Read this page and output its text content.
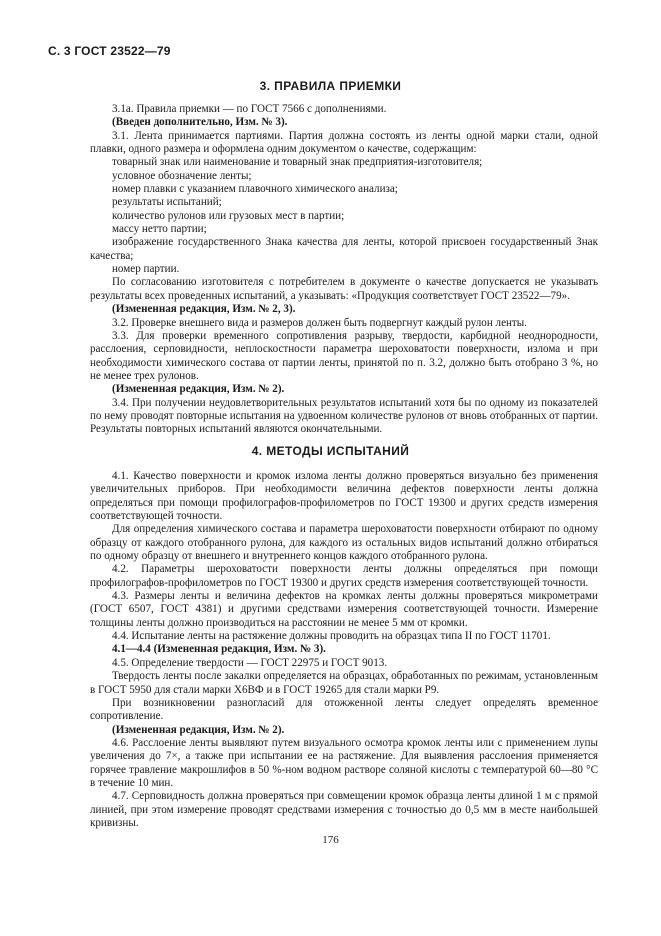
С. 3 ГОСТ 23522—79
3. ПРАВИЛА ПРИЕМКИ

3.1а. Правила приемки — по ГОСТ 7566 с дополнениями.

(Введен дополнительно, Изм. № 3).

3.1. Лента принимается партиями. Партия должна состоять из ленты одной марки стали, одной плавки, одного размера и оформлена одним документом о качестве, содержащим:

товарный знак или наименование и товарный знак предприятия-изготовителя;

условное обозначение ленты;

номер плавки с указанием плавочного химического анализа;

результаты испытаний;

количество рулонов или грузовых мест в партии;

массу нетто партии;

изображение государственного Знака качества для ленты, которой присвоен государственный Знак качества;

номер партии.

По согласованию изготовителя с потребителем в документе о качестве допускается не указывать результаты всех проведенных испытаний, а указывать: «Продукция соответствует ГОСТ 23522—79».

(Измененная редакция, Изм. № 2, 3).

3.2. Проверке внешнего вида и размеров должен быть подвергнут каждый рулон ленты.

3.3. Для проверки временного сопротивления разрыву, твердости, карбидной неоднородности, расслоения, серповидности, неплоскостности параметра шероховатости поверхности, излома и при необходимости химического состава от партии ленты, принятой по п. 3.2, должно быть отобрано 3 %, но не менее трех рулонов.

(Измененная редакция, Изм. № 2).

3.4. При получении неудовлетворительных результатов испытаний хотя бы по одному из показателей по нему проводят повторные испытания на удвоенном количестве рулонов от вновь отобранных от партии. Результаты повторных испытаний являются окончательными.

4. МЕТОДЫ ИСПЫТАНИЙ

4.1. Качество поверхности и кромок излома ленты должно проверяться визуально без применения увеличительных приборов. При необходимости величина дефектов поверхности ленты должна определяться при помощи профилографов-профилометров по ГОСТ 19300 и других средств измерения соответствующей точности.

Для определения химического состава и параметра шероховатости поверхности отбирают по одному образцу от каждого отобранного рулона, для каждого из остальных видов испытаний должно отбираться по одному образцу от внешнего и внутреннего концов каждого отобранного рулона.

4.2. Параметры шероховатости поверхности ленты должны определяться при помощи профилографов-профилометров по ГОСТ 19300 и других средств измерения соответствующей точности.

4.3. Размеры ленты и величина дефектов на кромках ленты должны проверяться микрометрами (ГОСТ 6507, ГОСТ 4381) и другими средствами измерения соответствующей точности. Измерение толщины ленты должно производиться на расстоянии не менее 5 мм от кромки.

4.4. Испытание ленты на растяжение должны проводить на образцах типа II по ГОСТ 11701.

4.1—4.4 (Измененная редакция, Изм. № 3).

4.5. Определение твердости — ГОСТ 22975 и ГОСТ 9013.

Твердость ленты после закалки определяется на образцах, обработанных по режимам, установленным в ГОСТ 5950 для стали марки Х6ВФ и в ГОСТ 19265 для стали марки Р9.

При возникновении разногласий для отожженной ленты следует определять временное сопротивление.

(Измененная редакция, Изм. № 2).

4.6. Расслоение ленты выявляют путем визуального осмотра кромок ленты или с применением лупы увеличения до 7×, а также при испытании ее на растяжение. Для выявления расслоения применяется горячее травление макрошлифов в 50 %-ном водном растворе соляной кислоты с температурой 60—80 °С в течение 10 мин.

4.7. Серповидность должна проверяться при совмещении кромок образца ленты длиной 1 м с прямой линией, при этом измерение проводят средствами измерения с точностью до 0,5 мм в месте наибольшей кривизны.

176
